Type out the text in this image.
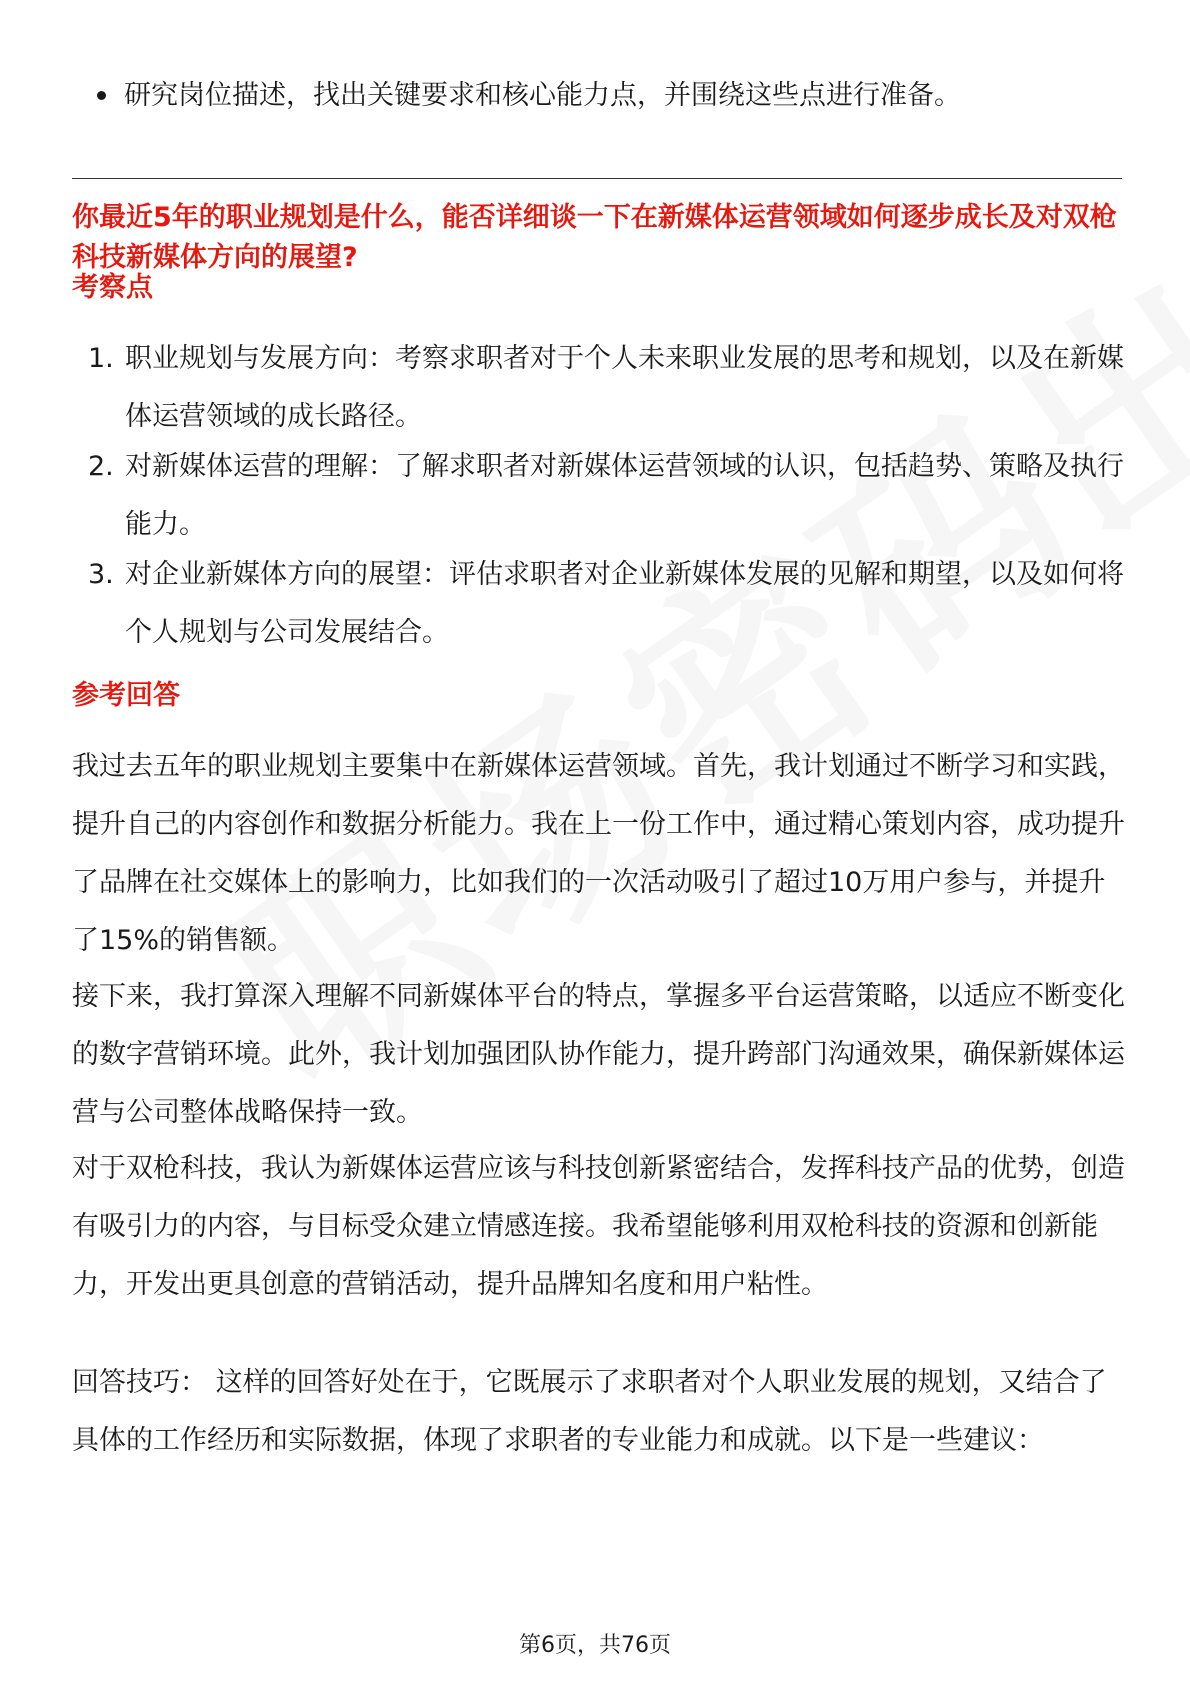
研究岗位描述，找出关键要求和核心能力点，并围绕这些点进行准备。
你最近5年的职业规划是什么，能否详细谈一下在新媒体运营领域如何逐步成长及对双枪科技新媒体方向的展望?
考察点
1. 职业规划与发展方向：考察求职者对于个人未来职业发展的思考和规划，以及在新媒体运营领域的成长路径。
2. 对新媒体运营的理解：了解求职者对新媒体运营领域的认识，包括趋势、策略及执行能力。
3. 对企业新媒体方向的展望：评估求职者对企业新媒体发展的见解和期望，以及如何将个人规划与公司发展结合。
参考回答
我过去五年的职业规划主要集中在新媒体运营领域。首先，我计划通过不断学习和实践，提升自己的内容创作和数据分析能力。我在上一份工作中，通过精心策划内容，成功提升了品牌在社交媒体上的影响力，比如我们的一次活动吸引了超过10万用户参与，并提升了15%的销售额。
接下来，我打算深入理解不同新媒体平台的特点，掌握多平台运营策略，以适应不断变化的数字营销环境。此外，我计划加强团队协作能力，提升跨部门沟通效果，确保新媒体运营与公司整体战略保持一致。
对于双枪科技，我认为新媒体运营应该与科技创新紧密结合，发挥科技产品的优势，创造有吸引力的内容，与目标受众建立情感连接。我希望能够利用双枪科技的资源和创新能力，开发出更具创意的营销活动，提升品牌知名度和用户粘性。
回答技巧： 这样的回答好处在于，它既展示了求职者对个人职业发展的规划，又结合了具体的工作经历和实际数据，体现了求职者的专业能力和成就。以下是一些建议：
第6页，共76页
